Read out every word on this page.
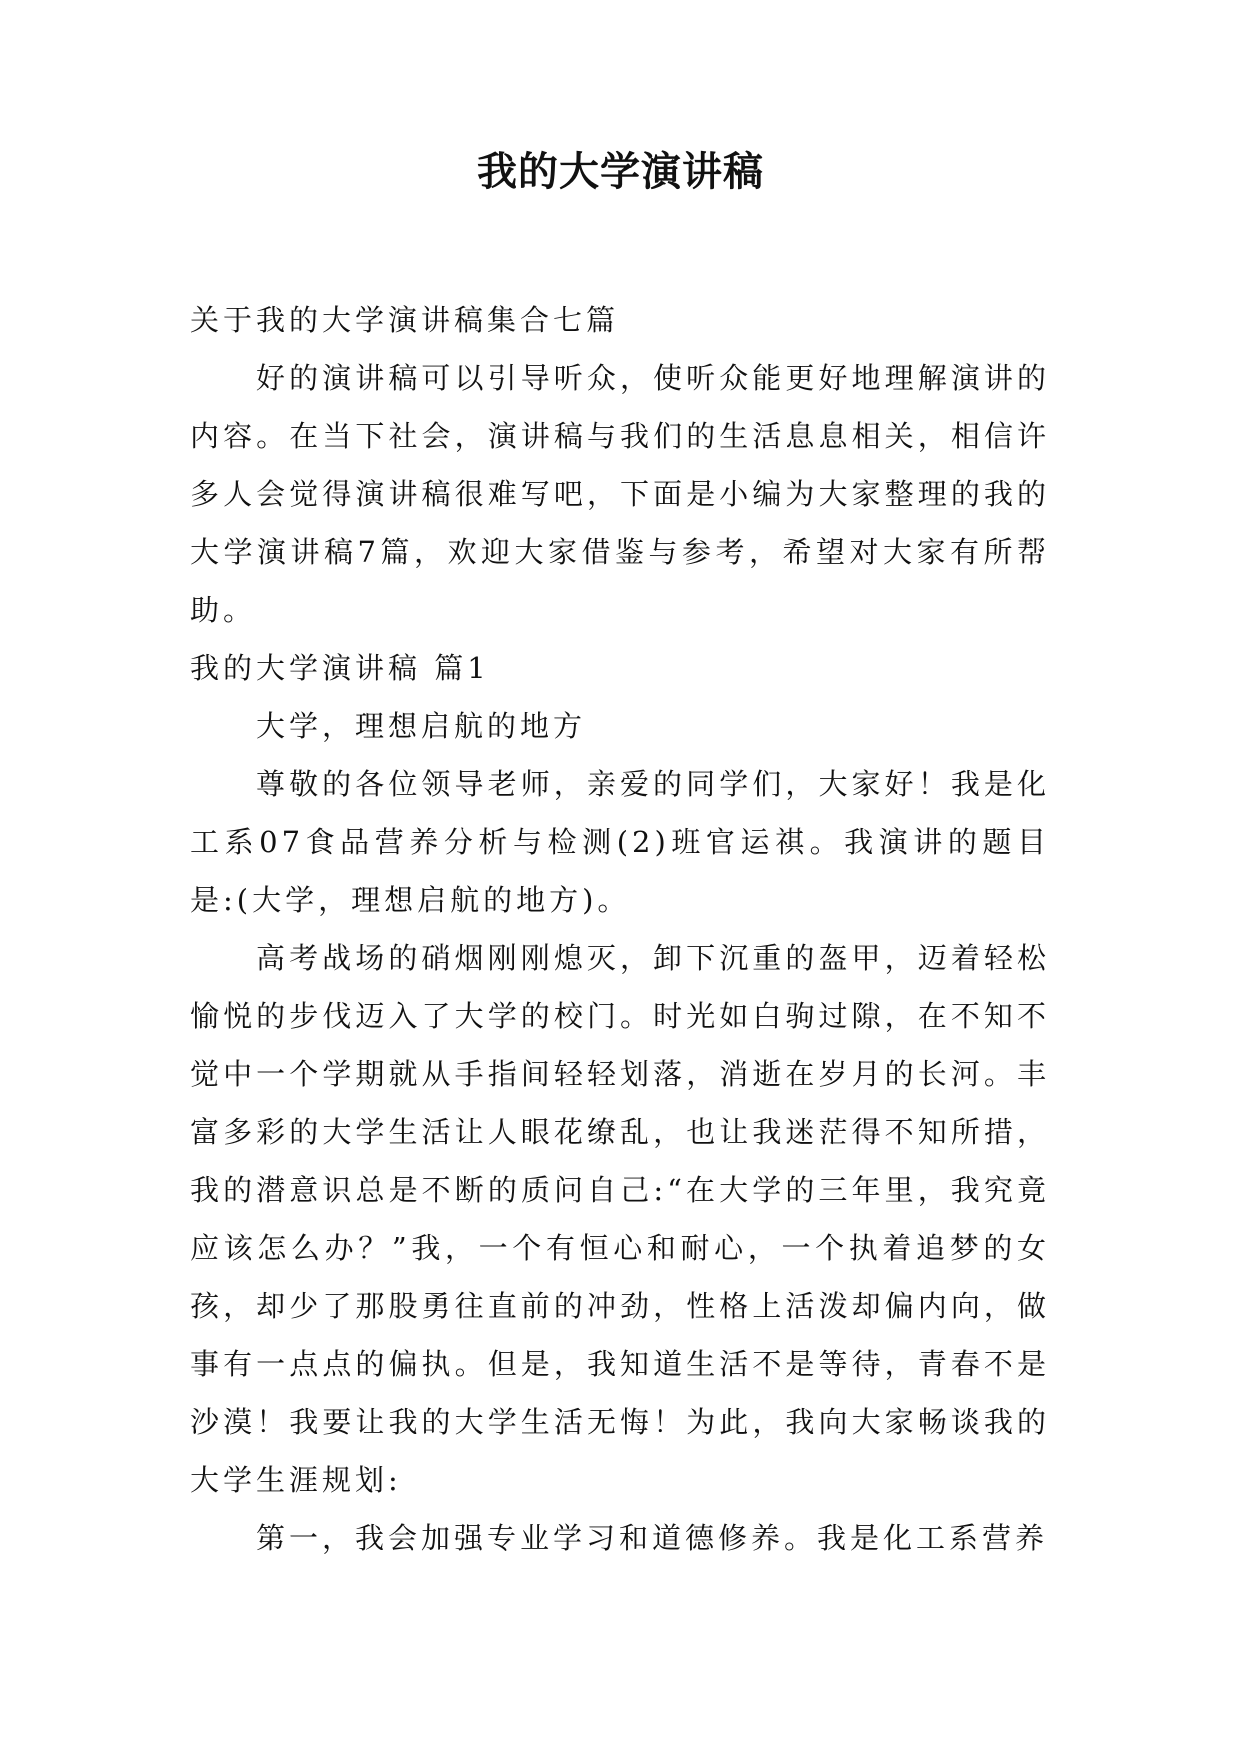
我的大学演讲稿

关于我的大学演讲稿集合七篇

好的演讲稿可以引导听众，使听众能更好地理解演讲的内容。在当下社会，演讲稿与我们的生活息息相关，相信许多人会觉得演讲稿很难写吧，下面是小编为大家整理的我的大学演讲稿7篇，欢迎大家借鉴与参考，希望对大家有所帮助。

我的大学演讲稿 篇1

大学，理想启航的地方

尊敬的各位领导老师，亲爱的同学们，大家好！我是化工系07食品营养分析与检测(2)班官运祺。我演讲的题目是:(大学，理想启航的地方)。

高考战场的硝烟刚刚熄灭，卸下沉重的盔甲，迈着轻松愉悦的步伐迈入了大学的校门。时光如白驹过隙，在不知不觉中一个学期就从手指间轻轻划落，消逝在岁月的长河。丰富多彩的大学生活让人眼花缭乱，也让我迷茫得不知所措，我的潜意识总是不断的质问自己:“在大学的三年里，我究竟应该怎么办？”我，一个有恒心和耐心，一个执着追梦的女孩，却少了那股勇往直前的冲劲，性格上活泼却偏内向，做事有一点点的偏执。但是，我知道生活不是等待，青春不是沙漠！我要让我的大学生活无悔！为此，我向大家畅谈我的大学生涯规划:

第一，我会加强专业学习和道德修养。我是化工系营养
